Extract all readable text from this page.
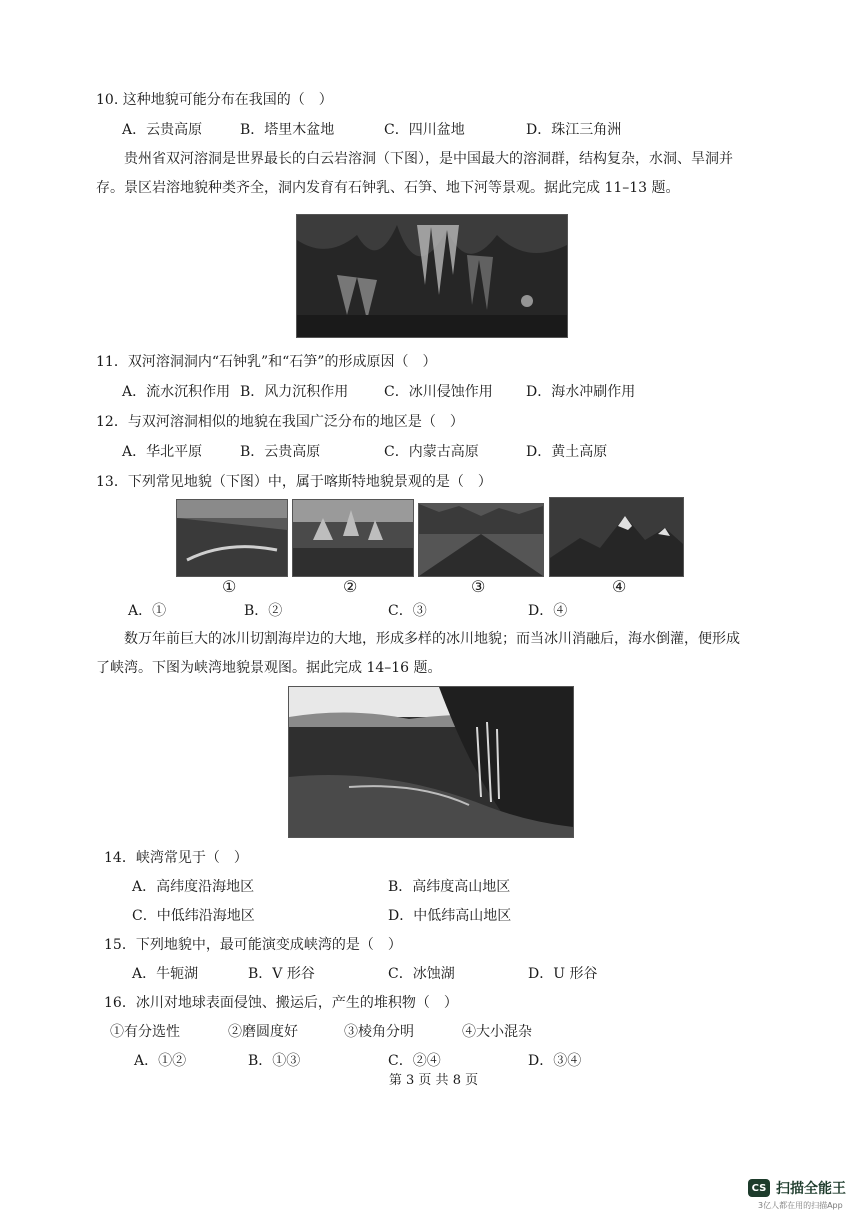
10. 这种地貌可能分布在我国的（　）
A．云贵高原	B．塔里木盆地	C．四川盆地	D．珠江三角洲
贵州省双河溶洞是世界最长的白云岩溶洞（下图），是中国最大的溶洞群，结构复杂，水洞、旱洞并存。景区岩溶地貌种类齐全，洞内发育有石钟乳、石笋、地下河等景观。据此完成 11–13 题。
11．双河溶洞洞内“石钟乳”和“石笋”的形成原因（　）
A．流水沉积作用 B．风力沉积作用	C．冰川侵蚀作用 D．海水冲刷作用
12．与双河溶洞相似的地貌在我国广泛分布的地区是（　）
A．华北平原	B．云贵高原	C．内蒙古高原	D．黄土高原
13．下列常见地貌（下图）中，属于喀斯特地貌景观的是（　）
①	②	③	④
A．①	B．②	C．③	D．④
数万年前巨大的冰川切割海岸边的大地，形成多样的冰川地貌；而当冰川消融后，海水倒灌，便形成了峡湾。下图为峡湾地貌景观图。据此完成 14–16 题。
14．峡湾常见于（　）
A．高纬度沿海地区	B．高纬度高山地区
C．中低纬沿海地区	D．中低纬高山地区
15．下列地貌中，最可能演变成峡湾的是（　）
A．牛轭湖	B．V 形谷	C．冰蚀湖	D．U 形谷
16．冰川对地球表面侵蚀、搬运后，产生的堆积物（　）
①有分选性	②磨圆度好	③棱角分明	④大小混杂
A．①②	B．①③	C．②④	D．③④
第 3 页 共 8 页
CS 扫描全能王
3亿人都在用的扫描App
